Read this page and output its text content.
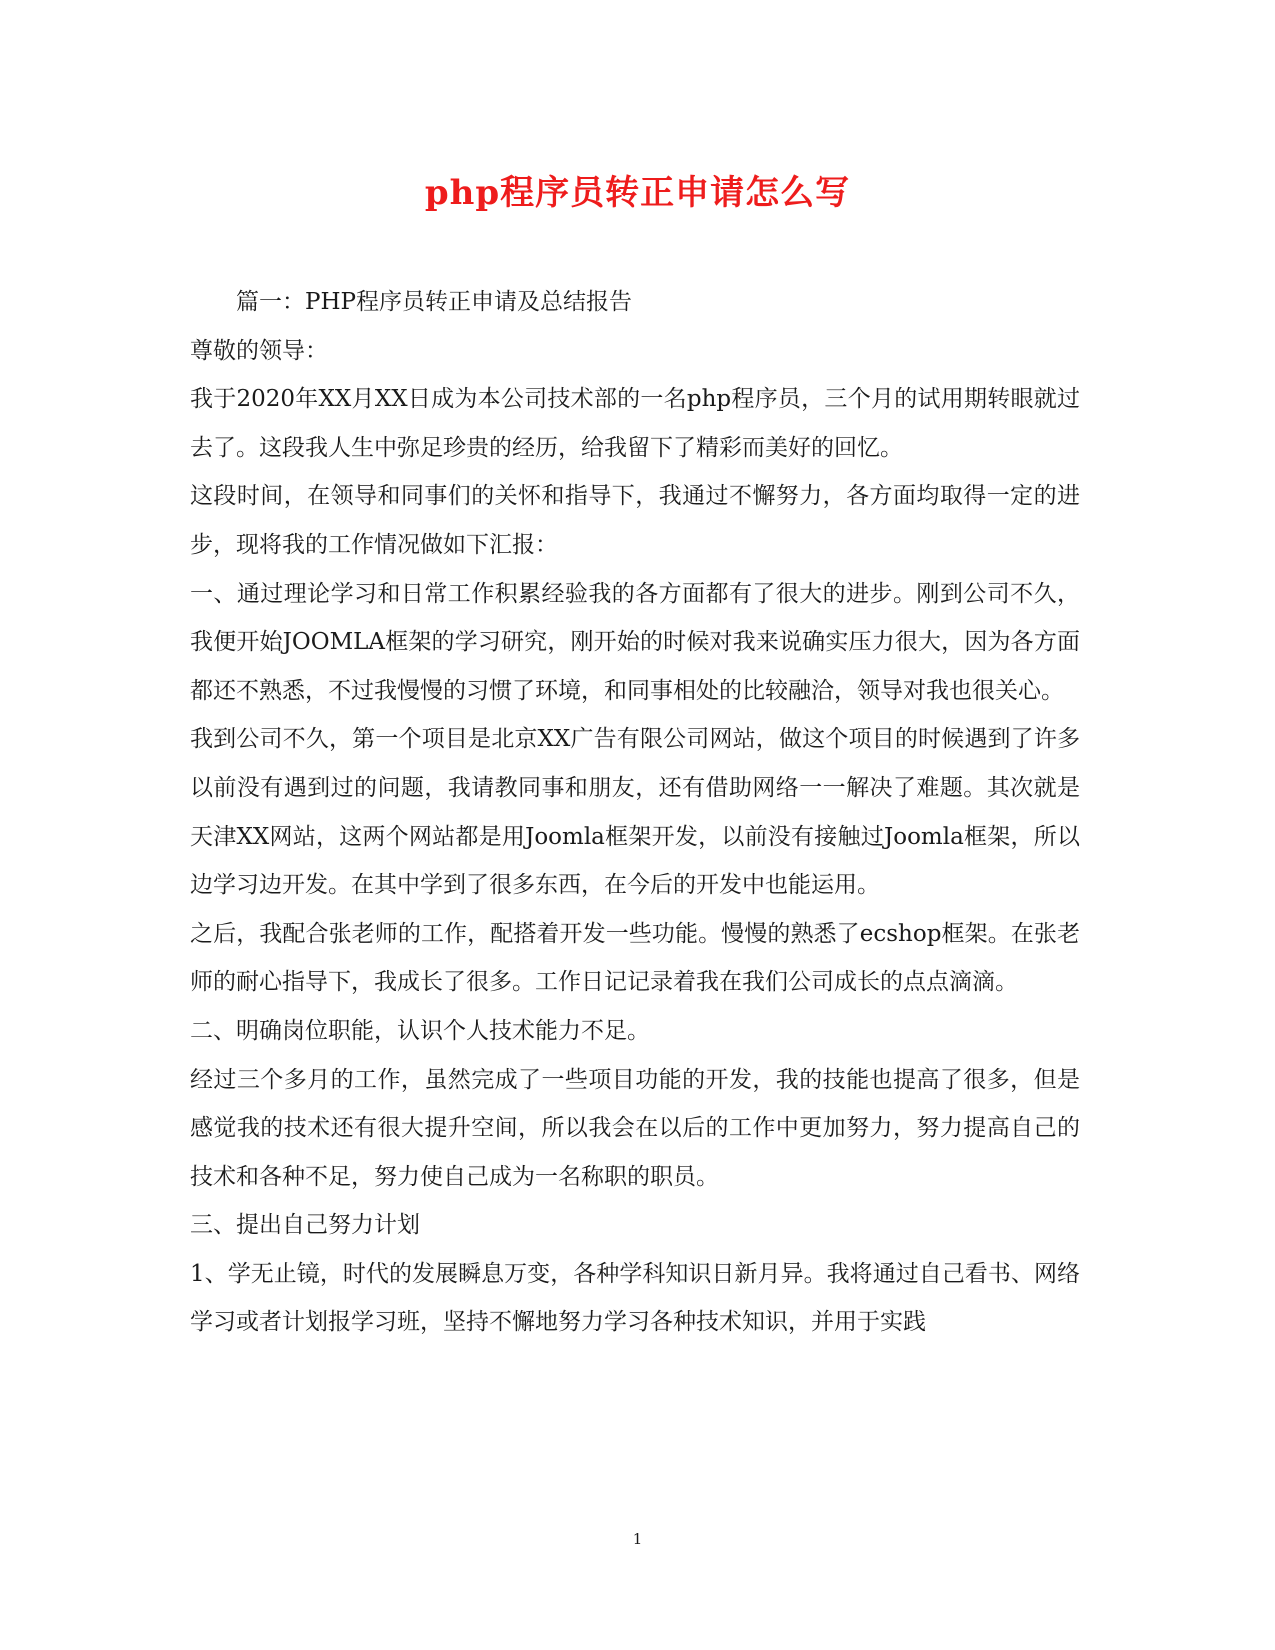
php程序员转正申请怎么写

篇一：PHP程序员转正申请及总结报告

尊敬的领导：

我于2020年XX月XX日成为本公司技术部的一名php程序员，三个月的试用期转眼就过去了。这段我人生中弥足珍贵的经历，给我留下了精彩而美好的回忆。

这段时间，在领导和同事们的关怀和指导下，我通过不懈努力，各方面均取得一定的进步，现将我的工作情况做如下汇报：

一、通过理论学习和日常工作积累经验我的各方面都有了很大的进步。刚到公司不久，我便开始JOOMLA框架的学习研究，刚开始的时候对我来说确实压力很大，因为各方面都还不熟悉，不过我慢慢的习惯了环境，和同事相处的比较融洽，领导对我也很关心。

我到公司不久，第一个项目是北京XX广告有限公司网站，做这个项目的时候遇到了许多以前没有遇到过的问题，我请教同事和朋友，还有借助网络一一解决了难题。其次就是天津XX网站，这两个网站都是用Joomla框架开发，以前没有接触过Joomla框架，所以边学习边开发。在其中学到了很多东西，在今后的开发中也能运用。

之后，我配合张老师的工作，配搭着开发一些功能。慢慢的熟悉了ecshop框架。在张老师的耐心指导下，我成长了很多。工作日记记录着我在我们公司成长的点点滴滴。

二、明确岗位职能，认识个人技术能力不足。

经过三个多月的工作，虽然完成了一些项目功能的开发，我的技能也提高了很多，但是感觉我的技术还有很大提升空间，所以我会在以后的工作中更加努力，努力提高自己的技术和各种不足，努力使自己成为一名称职的职员。

三、提出自己努力计划

1、学无止镜，时代的发展瞬息万变，各种学科知识日新月异。我将通过自己看书、网络学习或者计划报学习班，坚持不懈地努力学习各种技术知识，并用于实践

1
